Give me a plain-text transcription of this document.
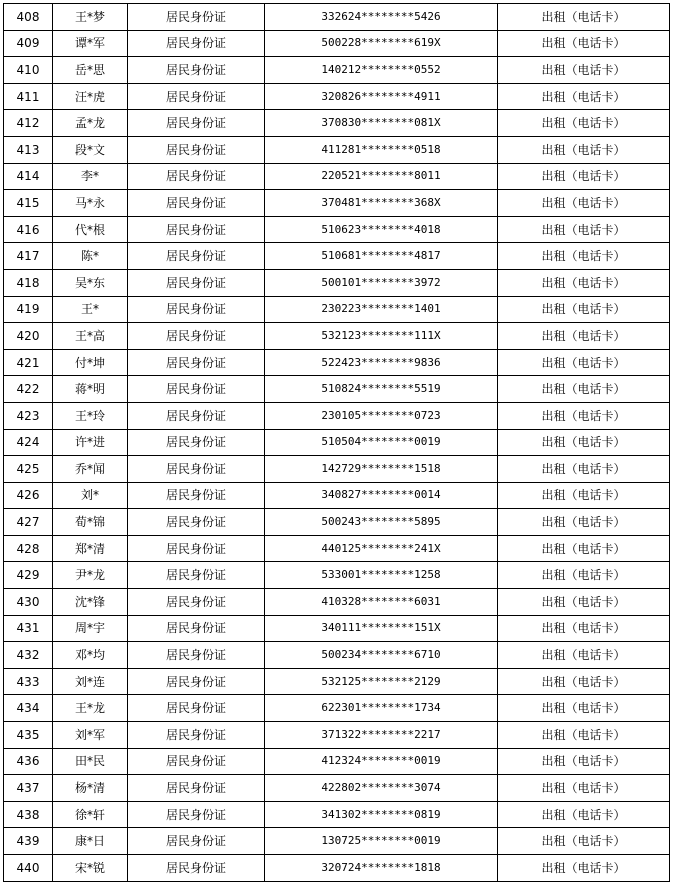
408	王*梦	居民身份证	332624********5426	出租（电话卡）
409	谭*军	居民身份证	500228********619X	出租（电话卡）
410	岳*思	居民身份证	140212********0552	出租（电话卡）
411	汪*虎	居民身份证	320826********4911	出租（电话卡）
412	孟*龙	居民身份证	370830********081X	出租（电话卡）
413	段*文	居民身份证	411281********0518	出租（电话卡）
414	李*	居民身份证	220521********8011	出租（电话卡）
415	马*永	居民身份证	370481********368X	出租（电话卡）
416	代*根	居民身份证	510623********4018	出租（电话卡）
417	陈*	居民身份证	510681********4817	出租（电话卡）
418	吴*东	居民身份证	500101********3972	出租（电话卡）
419	王*	居民身份证	230223********1401	出租（电话卡）
420	王*高	居民身份证	532123********111X	出租（电话卡）
421	付*坤	居民身份证	522423********9836	出租（电话卡）
422	蒋*明	居民身份证	510824********5519	出租（电话卡）
423	王*玲	居民身份证	230105********0723	出租（电话卡）
424	许*进	居民身份证	510504********0019	出租（电话卡）
425	乔*闻	居民身份证	142729********1518	出租（电话卡）
426	刘*	居民身份证	340827********0014	出租（电话卡）
427	荀*锦	居民身份证	500243********5895	出租（电话卡）
428	郑*清	居民身份证	440125********241X	出租（电话卡）
429	尹*龙	居民身份证	533001********1258	出租（电话卡）
430	沈*锋	居民身份证	410328********6031	出租（电话卡）
431	周*宇	居民身份证	340111********151X	出租（电话卡）
432	邓*均	居民身份证	500234********6710	出租（电话卡）
433	刘*连	居民身份证	532125********2129	出租（电话卡）
434	王*龙	居民身份证	622301********1734	出租（电话卡）
435	刘*军	居民身份证	371322********2217	出租（电话卡）
436	田*民	居民身份证	412324********0019	出租（电话卡）
437	杨*清	居民身份证	422802********3074	出租（电话卡）
438	徐*轩	居民身份证	341302********0819	出租（电话卡）
439	康*日	居民身份证	130725********0019	出租（电话卡）
440	宋*锐	居民身份证	320724********1818	出租（电话卡）
